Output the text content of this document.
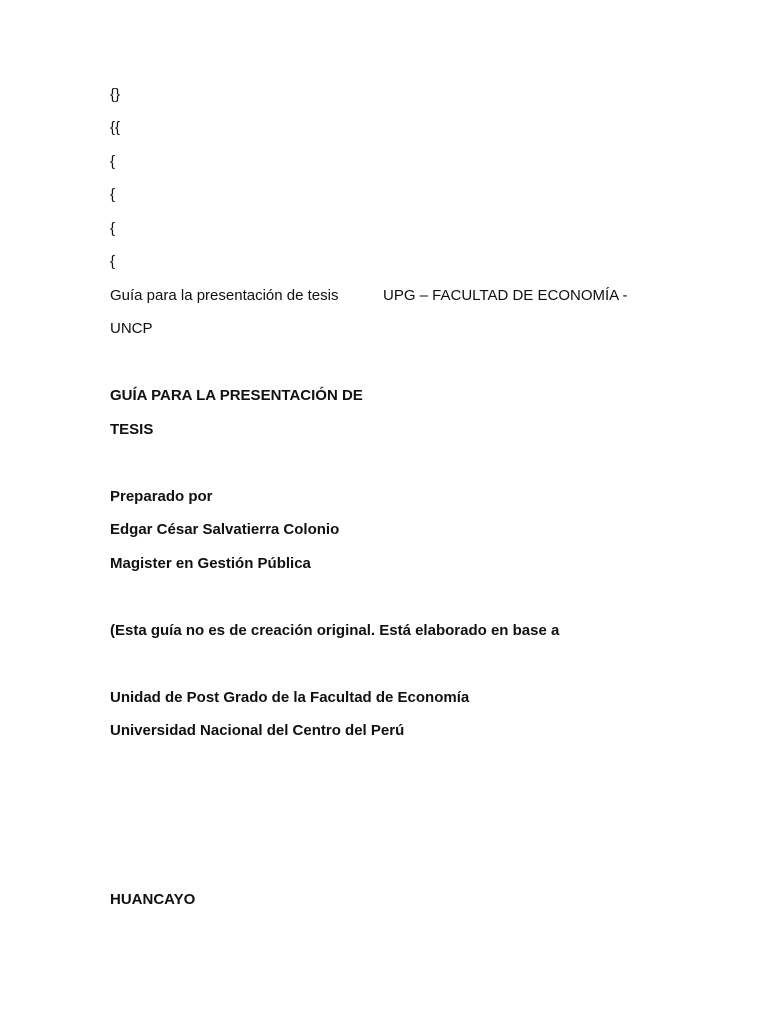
{}
{{
{
{
{
{
Guía para la presentación de tesis	UPG – FACULTAD DE ECONOMÍA -
UNCP
GUÍA PARA LA PRESENTACIÓN DE
TESIS
Preparado por
Edgar César Salvatierra Colonio
Magister en Gestión Pública
(Esta guía no es de creación original. Está elaborado en base a
Unidad de Post Grado de la Facultad de Economía
Universidad Nacional del Centro del Perú
HUANCAYO
